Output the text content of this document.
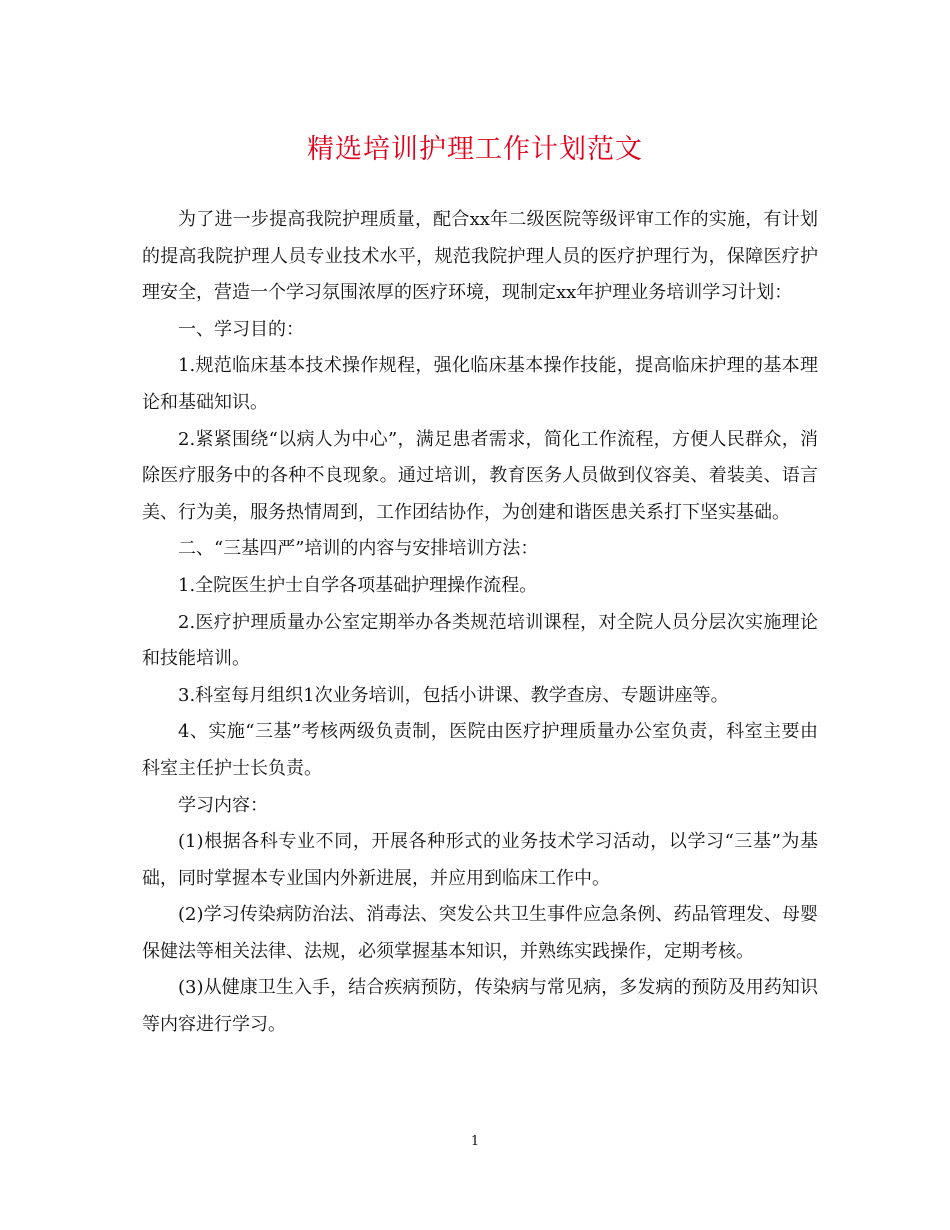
精选培训护理工作计划范文

为了进一步提高我院护理质量，配合xx年二级医院等级评审工作的实施，有计划的提高我院护理人员专业技术水平，规范我院护理人员的医疗护理行为，保障医疗护理安全，营造一个学习氛围浓厚的医疗环境，现制定xx年护理业务培训学习计划：

一、学习目的：

1.规范临床基本技术操作规程，强化临床基本操作技能，提高临床护理的基本理论和基础知识。

2.紧紧围绕“以病人为中心”，满足患者需求，简化工作流程，方便人民群众，消除医疗服务中的各种不良现象。通过培训，教育医务人员做到仪容美、着装美、语言美、行为美，服务热情周到，工作团结协作，为创建和谐医患关系打下坚实基础。

二、“三基四严”培训的内容与安排培训方法：

1.全院医生护士自学各项基础护理操作流程。

2.医疗护理质量办公室定期举办各类规范培训课程，对全院人员分层次实施理论和技能培训。

3.科室每月组织1次业务培训，包括小讲课、教学查房、专题讲座等。

4、实施“三基”考核两级负责制，医院由医疗护理质量办公室负责，科室主要由科室主任护士长负责。

学习内容：

(1)根据各科专业不同，开展各种形式的业务技术学习活动，以学习“三基”为基础，同时掌握本专业国内外新进展，并应用到临床工作中。

(2)学习传染病防治法、消毒法、突发公共卫生事件应急条例、药品管理发、母婴保健法等相关法律、法规，必须掌握基本知识，并熟练实践操作，定期考核。

(3)从健康卫生入手，结合疾病预防，传染病与常见病，多发病的预防及用药知识等内容进行学习。

1
